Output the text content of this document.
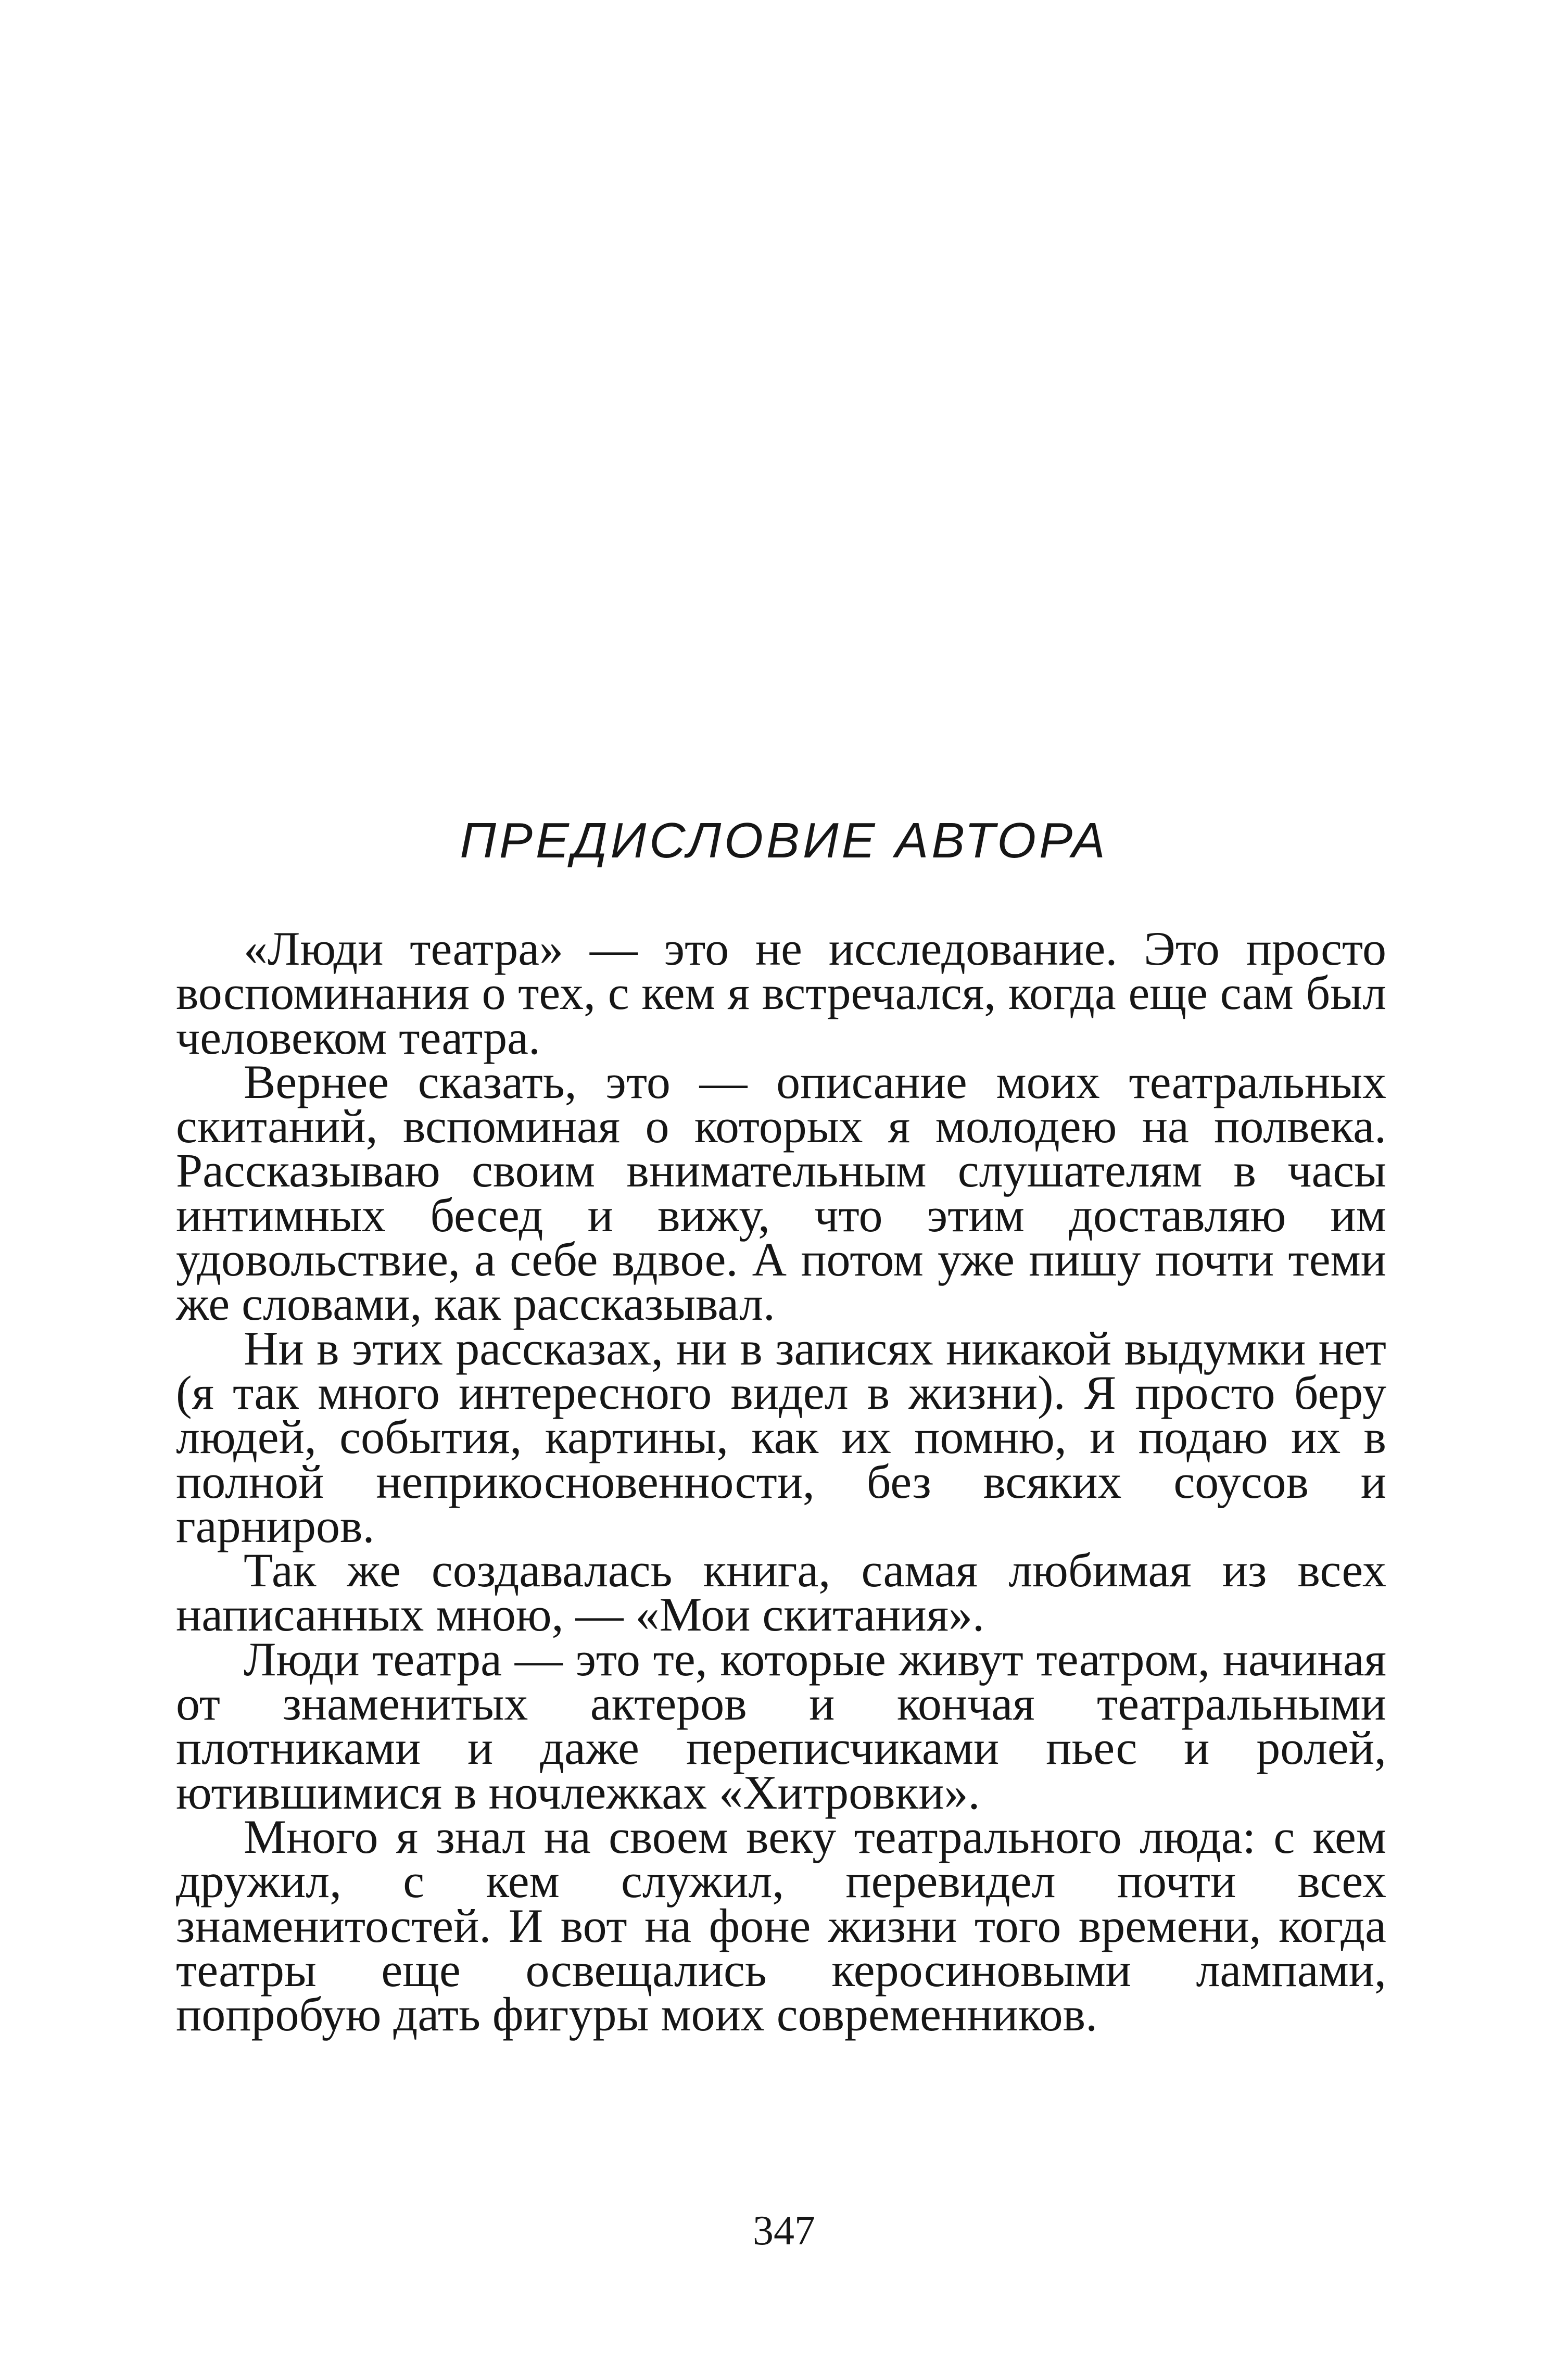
ПРЕДИСЛОВИЕ АВТОРА

«Люди театра» — это не исследование. Это просто воспоминания о тех, с кем я встречался, когда еще сам был человеком театра.

Вернее сказать, это — описание моих театральных скитаний, вспоминая о которых я молодею на полвека. Рассказываю своим внимательным слушателям в часы интимных бесед и вижу, что этим доставляю им удовольствие, а себе вдвое. А потом уже пишу почти теми же словами, как рассказывал.

Ни в этих рассказах, ни в записях никакой выдумки нет (я так много интересного видел в жизни). Я просто беру людей, события, картины, как их помню, и подаю их в полной неприкосновенности, без всяких соусов и гарниров.

Так же создавалась книга, самая любимая из всех написанных мною, — «Мои скитания».

Люди театра — это те, которые живут театром, начиная от знаменитых актеров и кончая театральными плотниками и даже переписчиками пьес и ролей, ютившимися в ночлежках «Хитровки».

Много я знал на своем веку театрального люда: с кем дружил, с кем служил, перевидел почти всех знаменитостей. И вот на фоне жизни того времени, когда театры еще освещались керосиновыми лампами, попробую дать фигуры моих современников.

347
